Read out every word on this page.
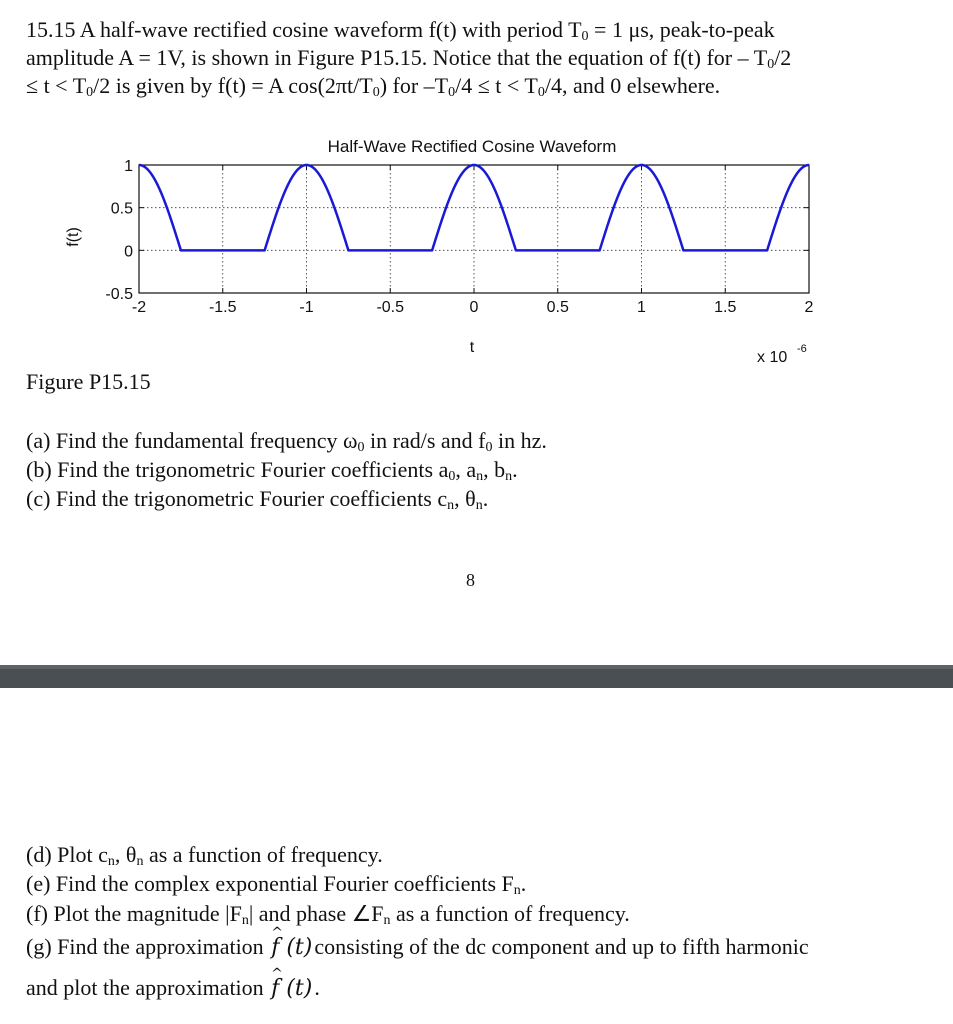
15.15 A half-wave rectified cosine waveform f(t) with period $T_0 = 1$ μs, peak-to-peak
amplitude A = 1V, is shown in Figure P15.15. Notice that the equation of f(t) for – $T_0/2$
≤ $t < T_0/2$ is given by f(t) = A $\cos(2\pi t/T_0)$ for $-T_0/4 \le t < T_0/4$, and 0 elsewhere.
Half-Wave Rectified Cosine Waveform
f(t)
t
x 10 -6
-2	-1.5	-1	-0.5	0	0.5	1	1.5	2
-0.5
0
0.5
1
Figure P15.15
(a) Find the fundamental frequency $\omega_0$ in rad/s and $f_0$ in hz.
(b) Find the trigonometric Fourier coefficients $a_0$, $a_n$, $b_n$.
(c) Find the trigonometric Fourier coefficients $c_n$, $\theta_n$.
8
(d) Plot $c_n$, $\theta_n$ as a function of frequency.
(e) Find the complex exponential Fourier coefficients $F_n$.
(f) Plot the magnitude $|F_n|$ and phase $\angle F_n$ as a function of frequency.
(g) Find the approximation ^ f (t)consisting of the dc component and up to fifth harmonic
and plot the approximation ^ f (t).
